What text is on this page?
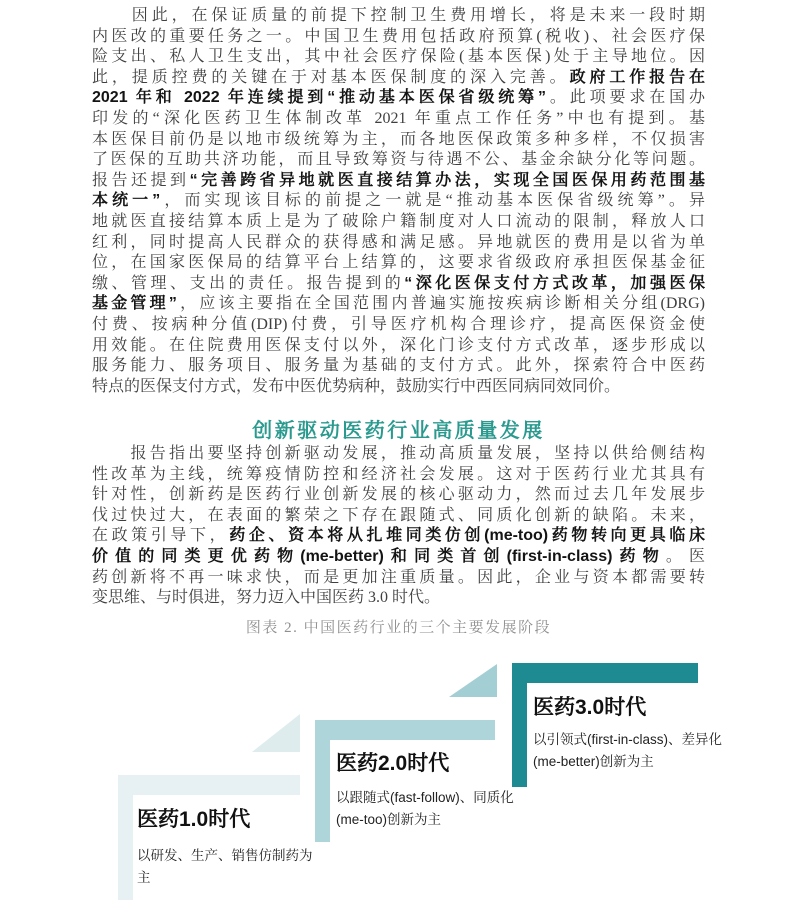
　　因此，在保证质量的前提下控制卫生费用增长，将是未来一段时期
内医改的重要任务之一。中国卫生费用包括政府预算(税收)、社会医疗保
险支出、私人卫生支出，其中社会医疗保险(基本医保)处于主导地位。因
此，提质控费的关键在于对基本医保制度的深入完善。政府工作报告在
2021 年和 2022 年连续提到“推动基本医保省级统筹”。此项要求在国办
印发的“深化医药卫生体制改革 2021 年重点工作任务”中也有提到。基
本医保目前仍是以地市级统筹为主，而各地医保政策多种多样，不仅损害
了医保的互助共济功能，而且导致筹资与待遇不公、基金余缺分化等问题。
报告还提到“完善跨省异地就医直接结算办法，实现全国医保用药范围基
本统一”，而实现该目标的前提之一就是“推动基本医保省级统筹”。异
地就医直接结算本质上是为了破除户籍制度对人口流动的限制，释放人口
红利，同时提高人民群众的获得感和满足感。异地就医的费用是以省为单
位，在国家医保局的结算平台上结算的，这要求省级政府承担医保基金征
缴、管理、支出的责任。报告提到的“深化医保支付方式改革，加强医保
基金管理”，应该主要指在全国范围内普遍实施按疾病诊断相关分组(DRG)
付费、按病种分值(DIP)付费，引导医疗机构合理诊疗，提高医保资金使
用效能。在住院费用医保支付以外，深化门诊支付方式改革，逐步形成以
服务能力、服务项目、服务量为基础的支付方式。此外，探索符合中医药
特点的医保支付方式，发布中医优势病种，鼓励实行中西医同病同效同价。
创新驱动医药行业高质量发展
　　报告指出要坚持创新驱动发展，推动高质量发展，坚持以供给侧结构
性改革为主线，统筹疫情防控和经济社会发展。这对于医药行业尤其具有
针对性，创新药是医药行业创新发展的核心驱动力，然而过去几年发展步
伐过快过大，在表面的繁荣之下存在跟随式、同质化创新的缺陷。未来，
在政策引导下，药企、资本将从扎堆同类仿创(me-too)药物转向更具临床
价值的同类更优药物(me-better)和同类首创(first-in-class)药物。医
药创新将不再一味求快，而是更加注重质量。因此，企业与资本都需要转
变思维、与时俱进，努力迈入中国医药 3.0 时代。
图表 2. 中国医药行业的三个主要发展阶段
医药1.0时代
以研发、生产、销售仿制药为主
医药2.0时代
以跟随式(fast-follow)、同质化(me-too)创新为主
医药3.0时代
以引领式(first-in-class)、差异化(me-better)创新为主
